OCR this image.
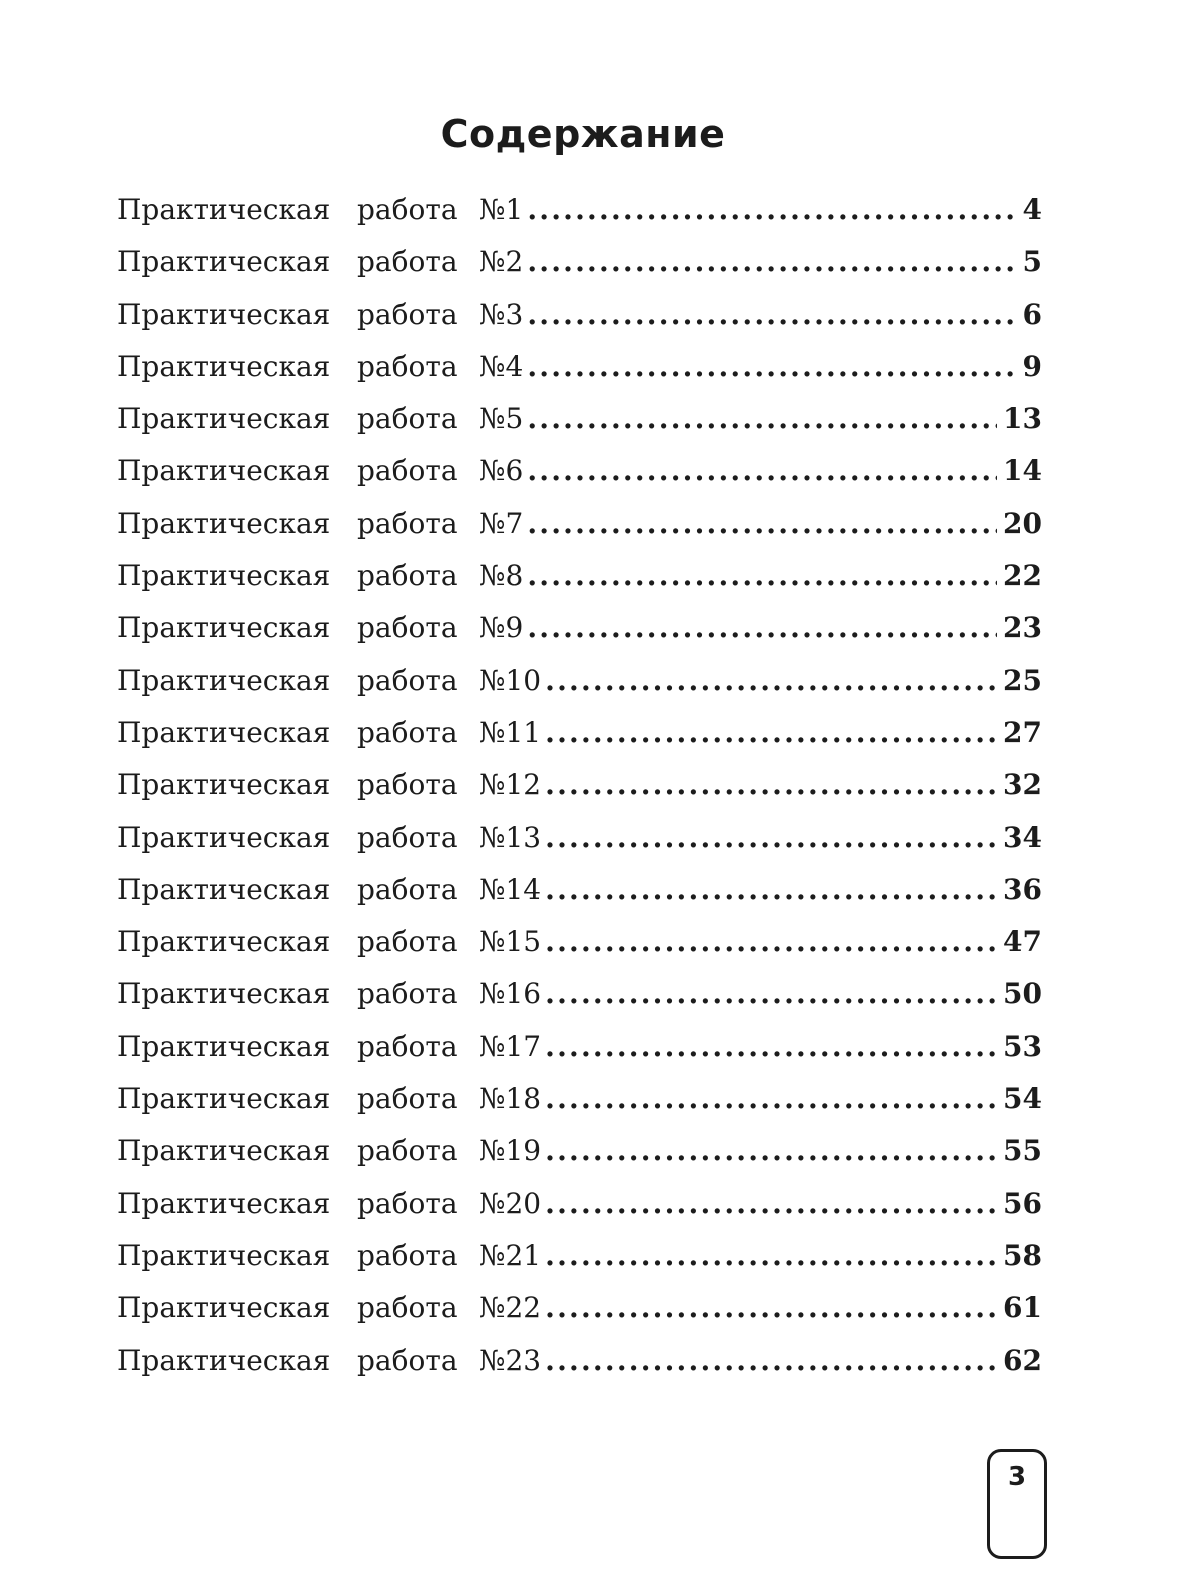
Содержание
Практическая работа №1 .....	4
Практическая работа №2 .....	5
Практическая работа №3 .....	6
Практическая работа №4 .....	9
Практическая работа №5 .....	13
Практическая работа №6 .....	14
Практическая работа №7 .....	20
Практическая работа №8 .....	22
Практическая работа №9 .....	23
Практическая работа №10 .....	25
Практическая работа №11 .....	27
Практическая работа №12 .....	32
Практическая работа №13 .....	34
Практическая работа №14 .....	36
Практическая работа №15 .....	47
Практическая работа №16 .....	50
Практическая работа №17 .....	53
Практическая работа №18 .....	54
Практическая работа №19 .....	55
Практическая работа №20 .....	56
Практическая работа №21 .....	58
Практическая работа №22 .....	61
Практическая работа №23 .....	62
3
